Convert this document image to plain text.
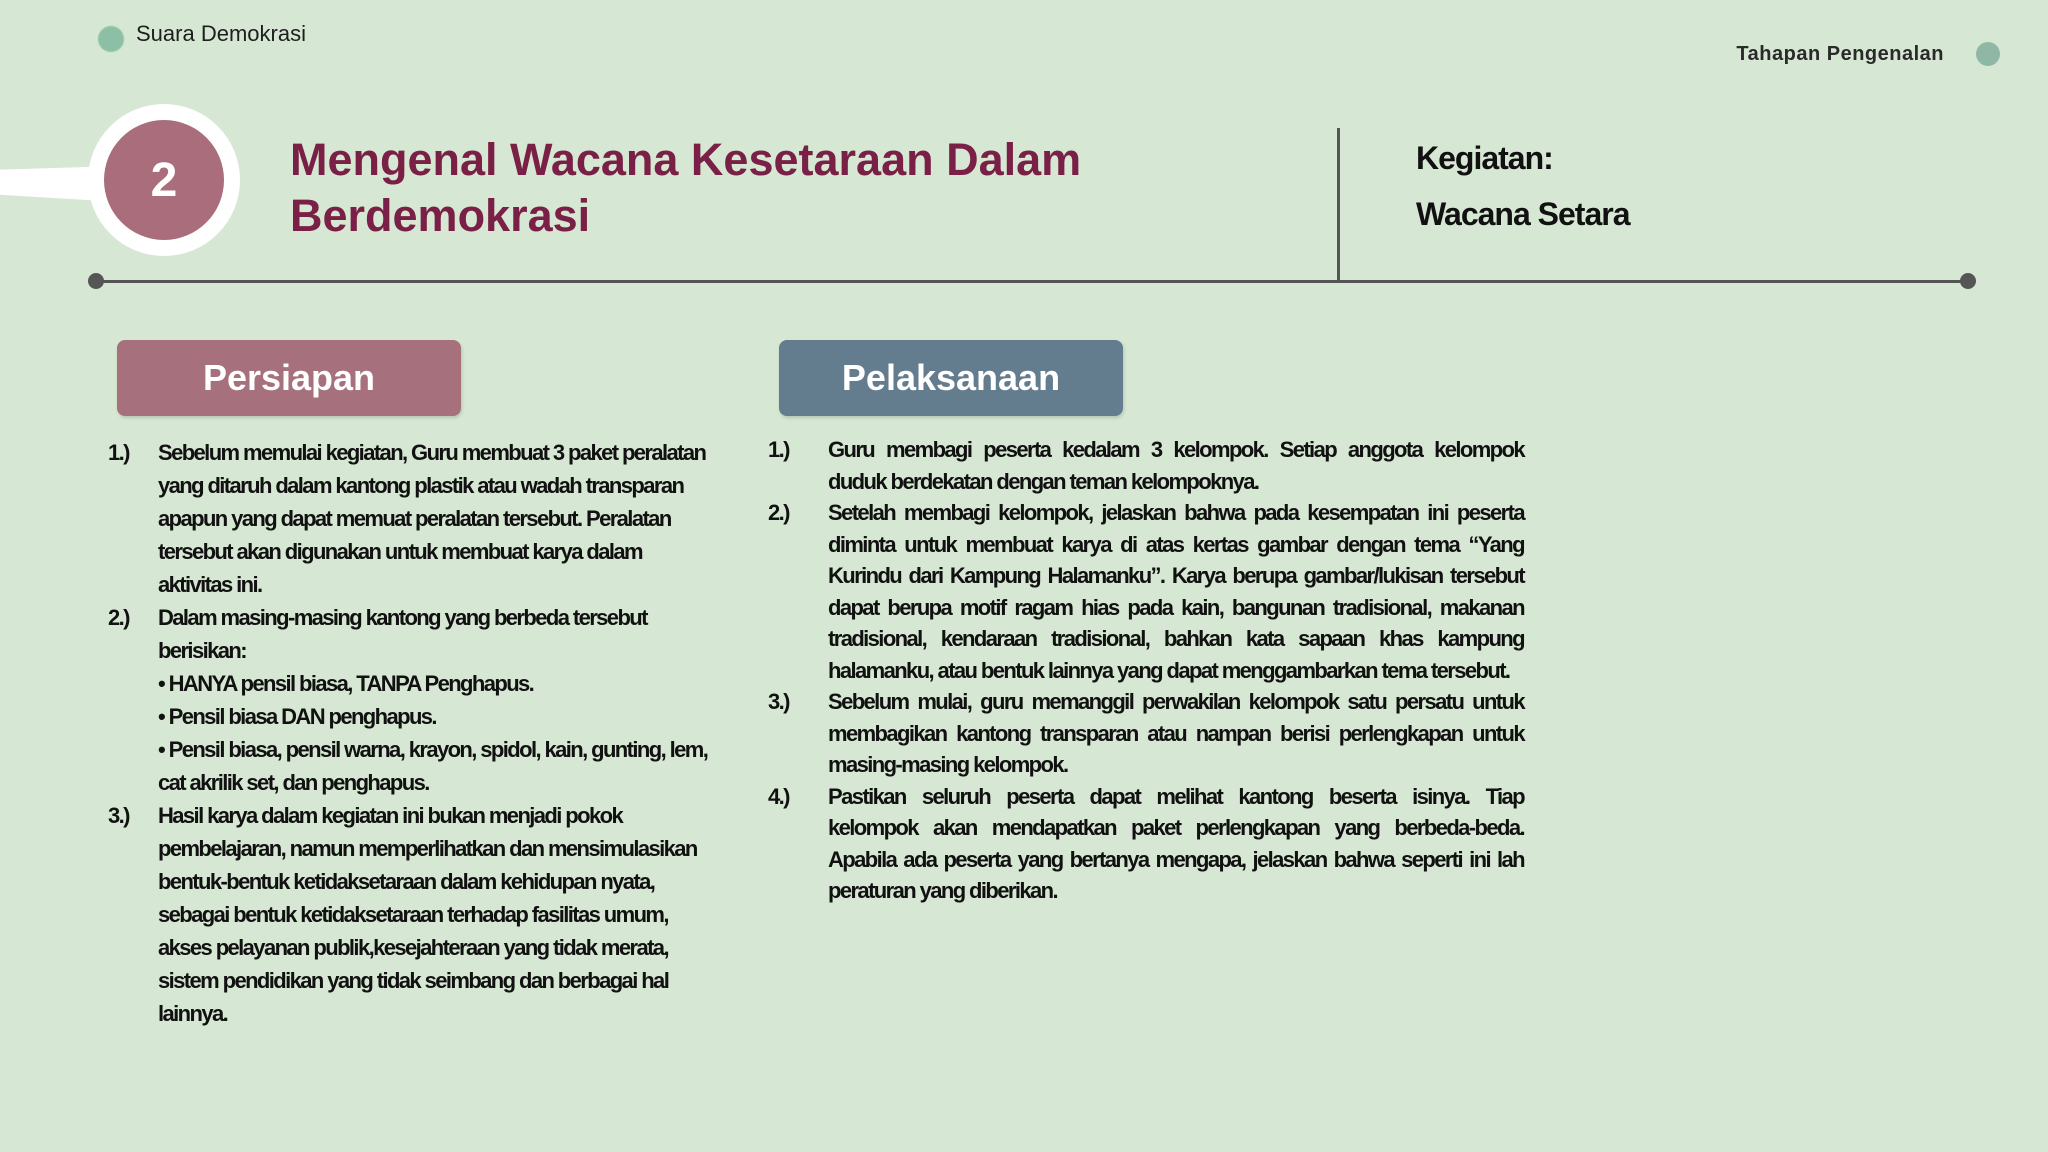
Suara Demokrasi
Tahapan Pengenalan
2	Mengenal Wacana Kesetaraan Dalam Berdemokrasi
Kegiatan:
Wacana Setara
Persiapan	Pelaksanaan
1.)	Sebelum memulai kegiatan, Guru membuat 3 paket peralatan yang ditaruh dalam kantong plastik atau wadah transparan apapun yang dapat memuat peralatan tersebut. Peralatan tersebut akan digunakan untuk membuat karya dalam aktivitas ini.
2.)	Dalam masing-masing kantong yang berbeda tersebut berisikan:
• HANYA pensil biasa, TANPA Penghapus.
• Pensil biasa DAN penghapus.
• Pensil biasa, pensil warna, krayon, spidol, kain, gunting, lem, cat akrilik set, dan penghapus.
3.)	Hasil karya dalam kegiatan ini bukan menjadi pokok pembelajaran, namun memperlihatkan dan mensimulasikan bentuk-bentuk ketidaksetaraan dalam kehidupan nyata, sebagai bentuk ketidaksetaraan terhadap fasilitas umum, akses pelayanan publik,kesejahteraan yang tidak merata, sistem pendidikan yang tidak seimbang dan berbagai hal lainnya.
1.)	Guru membagi peserta kedalam 3 kelompok. Setiap anggota kelompok duduk berdekatan dengan teman kelompoknya.
2.)	Setelah membagi kelompok, jelaskan bahwa pada kesempatan ini peserta diminta untuk membuat karya di atas kertas gambar dengan tema “Yang Kurindu dari Kampung Halamanku”. Karya berupa gambar/lukisan tersebut dapat berupa motif ragam hias pada kain, bangunan tradisional, makanan tradisional, kendaraan tradisional, bahkan kata sapaan khas kampung halamanku, atau bentuk lainnya yang dapat menggambarkan tema tersebut.
3.)	Sebelum mulai, guru memanggil perwakilan kelompok satu persatu untuk membagikan kantong transparan atau nampan berisi perlengkapan untuk masing-masing kelompok.
4.)	Pastikan seluruh peserta dapat melihat kantong beserta isinya. Tiap kelompok akan mendapatkan paket perlengkapan yang berbeda-beda. Apabila ada peserta yang bertanya mengapa, jelaskan bahwa seperti ini lah peraturan yang diberikan.
